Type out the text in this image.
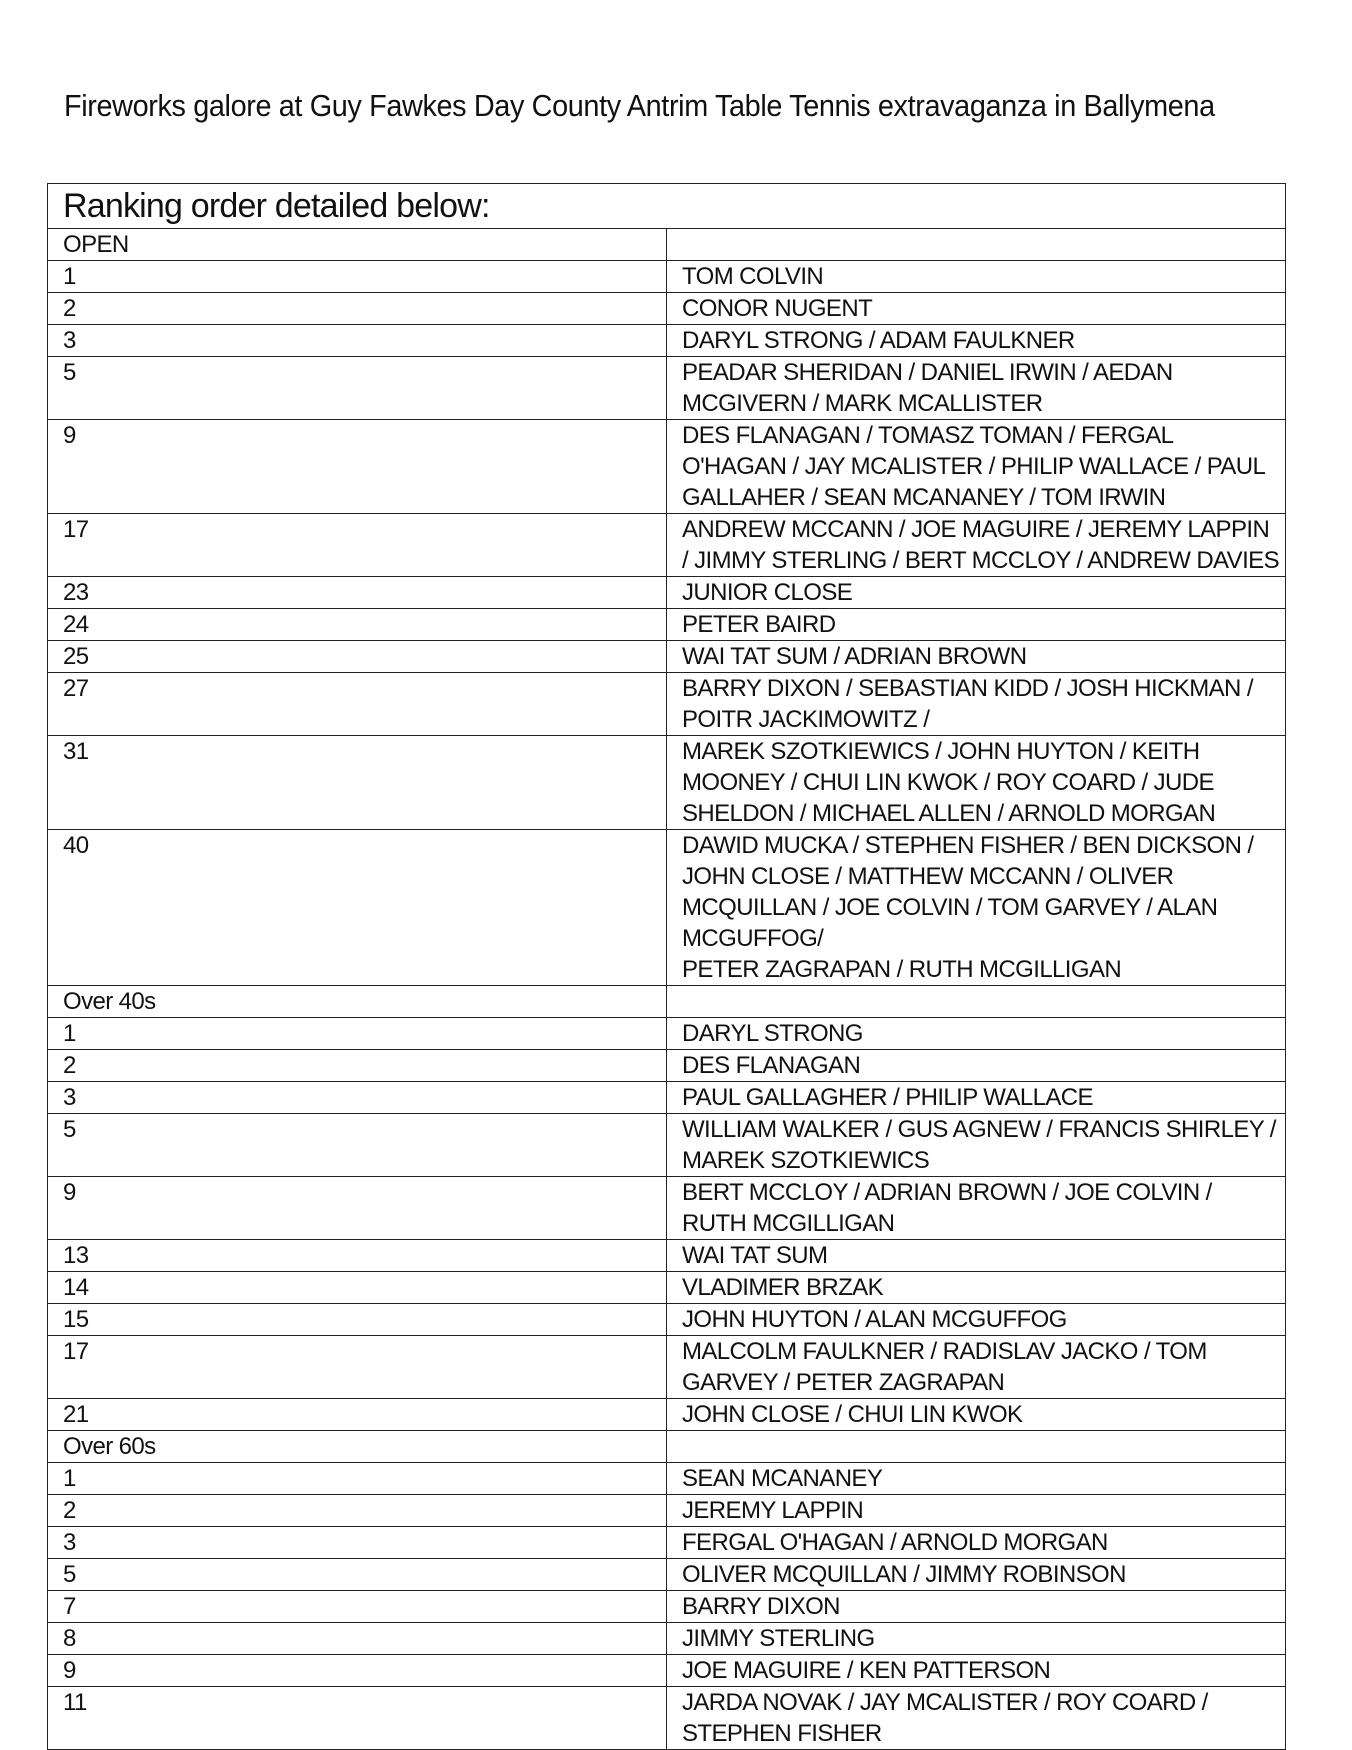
Fireworks galore at Guy Fawkes Day County Antrim Table Tennis extravaganza in Ballymena
Ranking order detailed below:	
OPEN	
1	TOM COLVIN

2	CONOR NUGENT

3	DARYL STRONG / ADAM FAULKNER

5	PEADAR SHERIDAN / DANIEL IRWIN / AEDAN MCGIVERN / MARK MCALLISTER

9	DES FLANAGAN / TOMASZ TOMAN / FERGAL O'HAGAN / JAY MCALISTER / PHILIP WALLACE / PAUL GALLAHER / SEAN MCANANEY / TOM IRWIN

17	ANDREW MCCANN / JOE MAGUIRE / JEREMY LAPPIN / JIMMY STERLING / BERT MCCLOY / ANDREW DAVIES

23	JUNIOR CLOSE

24	PETER BAIRD

25	WAI TAT SUM / ADRIAN BROWN

27	BARRY DIXON / SEBASTIAN KIDD / JOSH HICKMAN / POITR JACKIMOWITZ /

31	MAREK SZOTKIEWICS / JOHN HUYTON / KEITH MOONEY / CHUI LIN KWOK / ROY COARD / JUDE SHELDON / MICHAEL ALLEN / ARNOLD MORGAN

40	DAWID MUCKA / STEPHEN FISHER / BEN DICKSON / JOHN CLOSE / MATTHEW MCCANN / OLIVER MCQUILLAN / JOE COLVIN / TOM GARVEY / ALAN MCGUFFOG/
PETER ZAGRAPAN / RUTH MCGILLIGAN

Over 40s	
1	DARYL STRONG

2	DES FLANAGAN

3	PAUL GALLAGHER / PHILIP WALLACE

5	WILLIAM WALKER / GUS AGNEW / FRANCIS SHIRLEY / MAREK SZOTKIEWICS

9	BERT MCCLOY / ADRIAN BROWN / JOE COLVIN / RUTH MCGILLIGAN

13	WAI TAT SUM

14	VLADIMER BRZAK

15	JOHN HUYTON / ALAN MCGUFFOG

17	MALCOLM FAULKNER / RADISLAV JACKO / TOM GARVEY / PETER ZAGRAPAN

21	JOHN CLOSE / CHUI LIN KWOK

Over 60s	
1	SEAN MCANANEY

2	JEREMY LAPPIN

3	FERGAL O'HAGAN / ARNOLD MORGAN

5	OLIVER MCQUILLAN / JIMMY ROBINSON

7	BARRY DIXON

8	JIMMY STERLING

9	JOE MAGUIRE / KEN PATTERSON

11	JARDA NOVAK / JAY MCALISTER / ROY COARD / STEPHEN FISHER
